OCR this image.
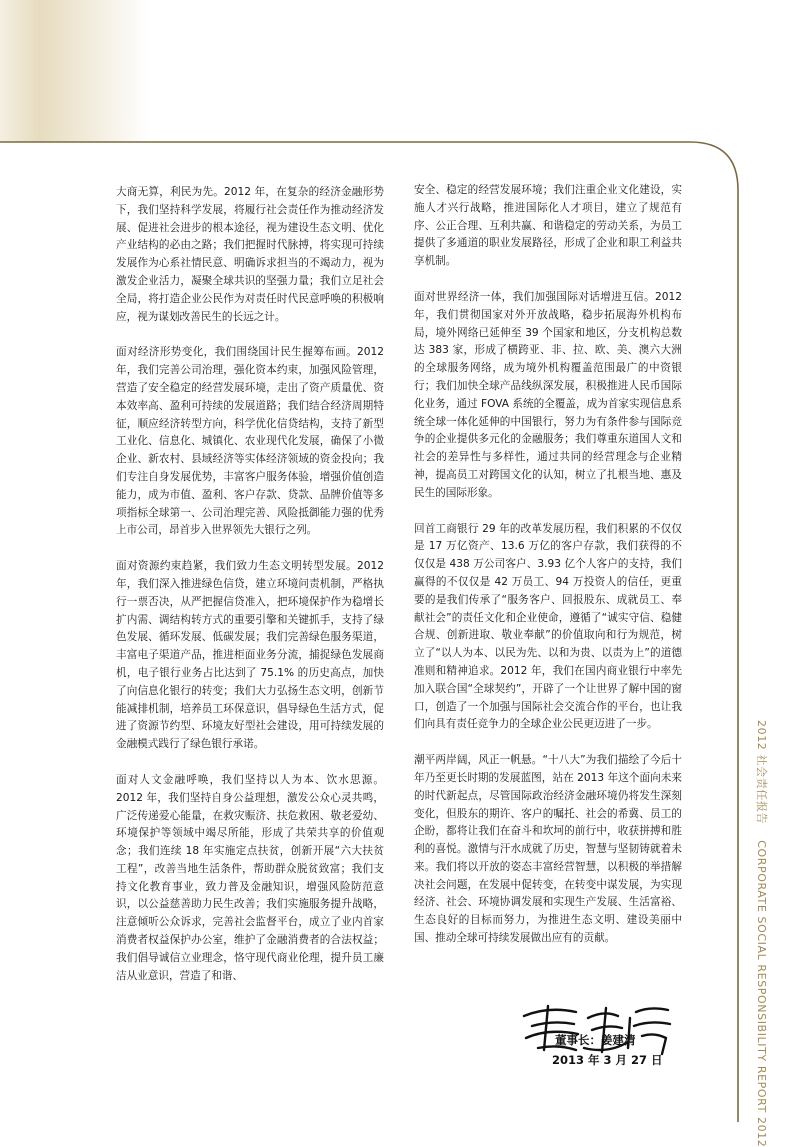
大商无算，利民为先。2012 年，在复杂的经济金融形势下，我们坚持科学发展，将履行社会责任作为推动经济发展、促进社会进步的根本途径，视为建设生态文明、优化产业结构的必由之路；我们把握时代脉搏，将实现可持续发展作为心系社情民意、明确诉求担当的不竭动力，视为激发企业活力，凝聚全球共识的坚强力量；我们立足社会全局，将打造企业公民作为对责任时代民意呼唤的积极响应，视为谋划改善民生的长远之计。

面对经济形势变化，我们围绕国计民生握筹布画。2012 年，我们完善公司治理，强化资本约束，加强风险管理，营造了安全稳定的经营发展环境，走出了资产质量优、资本效率高、盈利可持续的发展道路；我们结合经济周期特征，顺应经济转型方向，科学优化信贷结构，支持了新型工业化、信息化、城镇化、农业现代化发展，确保了小微企业、新农村、县域经济等实体经济领域的资金投向；我们专注自身发展优势，丰富客户服务体验，增强价值创造能力，成为市值、盈利、客户存款、贷款、品牌价值等多项指标全球第一、公司治理完善、风险抵御能力强的优秀上市公司，昂首步入世界领先大银行之列。

面对资源约束趋紧，我们致力生态文明转型发展。2012 年，我们深入推进绿色信贷，建立环境问责机制，严格执行一票否决，从严把握信贷准入，把环境保护作为稳增长扩内需、调结构转方式的重要引擎和关键抓手，支持了绿色发展、循环发展、低碳发展；我们完善绿色服务渠道，丰富电子渠道产品，推进柜面业务分流，捕捉绿色发展商机，电子银行业务占比达到了 75.1% 的历史高点，加快了向信息化银行的转变；我们大力弘扬生态文明，创新节能减排机制，培养员工环保意识，倡导绿色生活方式，促进了资源节约型、环境友好型社会建设，用可持续发展的金融模式践行了绿色银行承诺。

面对人文金融呼唤，我们坚持以人为本、饮水思源。2012 年，我们坚持自身公益理想，激发公众心灵共鸣，广泛传递爱心能量，在救灾赈济、扶危救困、敬老爱幼、环境保护等领域中竭尽所能，形成了共荣共享的价值观念；我们连续 18 年实施定点扶贫，创新开展“六大扶贫工程”，改善当地生活条件，帮助群众脱贫致富；我们支持文化教育事业，致力普及金融知识，增强风险防范意识，以公益慈善助力民生改善；我们实施服务提升战略，注意倾听公众诉求，完善社会监督平台，成立了业内首家消费者权益保护办公室，维护了金融消费者的合法权益；我们倡导诚信立业理念，恪守现代商业伦理，提升员工廉洁从业意识，营造了和谐、

安全、稳定的经营发展环境；我们注重企业文化建设，实施人才兴行战略，推进国际化人才项目，建立了规范有序、公正合理、互利共赢、和谐稳定的劳动关系，为员工提供了多通道的职业发展路径，形成了企业和职工利益共享机制。

面对世界经济一体，我们加强国际对话增进互信。2012 年，我们贯彻国家对外开放战略，稳步拓展海外机构布局，境外网络已延伸至 39 个国家和地区，分支机构总数达 383 家，形成了横跨亚、非、拉、欧、美、澳六大洲的全球服务网络，成为境外机构覆盖范围最广的中资银行；我们加快全球产品线纵深发展，积极推进人民币国际化业务，通过 FOVA 系统的全覆盖，成为首家实现信息系统全球一体化延伸的中国银行，努力为有条件参与国际竞争的企业提供多元化的金融服务；我们尊重东道国人文和社会的差异性与多样性，通过共同的经营理念与企业精神，提高员工对跨国文化的认知，树立了扎根当地、惠及民生的国际形象。

回首工商银行 29 年的改革发展历程，我们积累的不仅仅是 17 万亿资产、13.6 万亿的客户存款，我们获得的不仅仅是 438 万公司客户、3.93 亿个人客户的支持，我们赢得的不仅仅是 42 万员工、94 万投资人的信任，更重要的是我们传承了“服务客户、回报股东、成就员工、奉献社会”的责任文化和企业使命，遵循了“诚实守信、稳健合规、创新进取、敬业奉献”的价值取向和行为规范，树立了“以人为本、以民为先、以和为贵、以责为上”的道德准则和精神追求。2012 年，我们在国内商业银行中率先加入联合国“全球契约”，开辟了一个让世界了解中国的窗口，创造了一个加强与国际社会交流合作的平台，也让我们向具有责任竞争力的全球企业公民更迈进了一步。

潮平两岸阔，风正一帆悬。“十八大”为我们描绘了今后十年乃至更长时期的发展蓝图，站在 2013 年这个面向未来的时代新起点，尽管国际政治经济金融环境仍将发生深刻变化，但股东的期许、客户的嘱托、社会的希冀、员工的企盼，都将让我们在奋斗和坎坷的前行中，收获拼搏和胜利的喜悦。激情与汗水成就了历史，智慧与坚韧铸就着未来。我们将以开放的姿态丰富经营智慧，以积极的举措解决社会问题，在发展中促转变，在转变中谋发展，为实现经济、社会、环境协调发展和实现生产发展、生活富裕、生态良好的目标而努力，为推进生态文明、建设美丽中国、推动全球可持续发展做出应有的贡献。

董事长：姜建清
2013 年 3 月 27 日
2012 社会责任报告 CORPORATE SOCIAL RESPONSIBILITY REPORT 2012
